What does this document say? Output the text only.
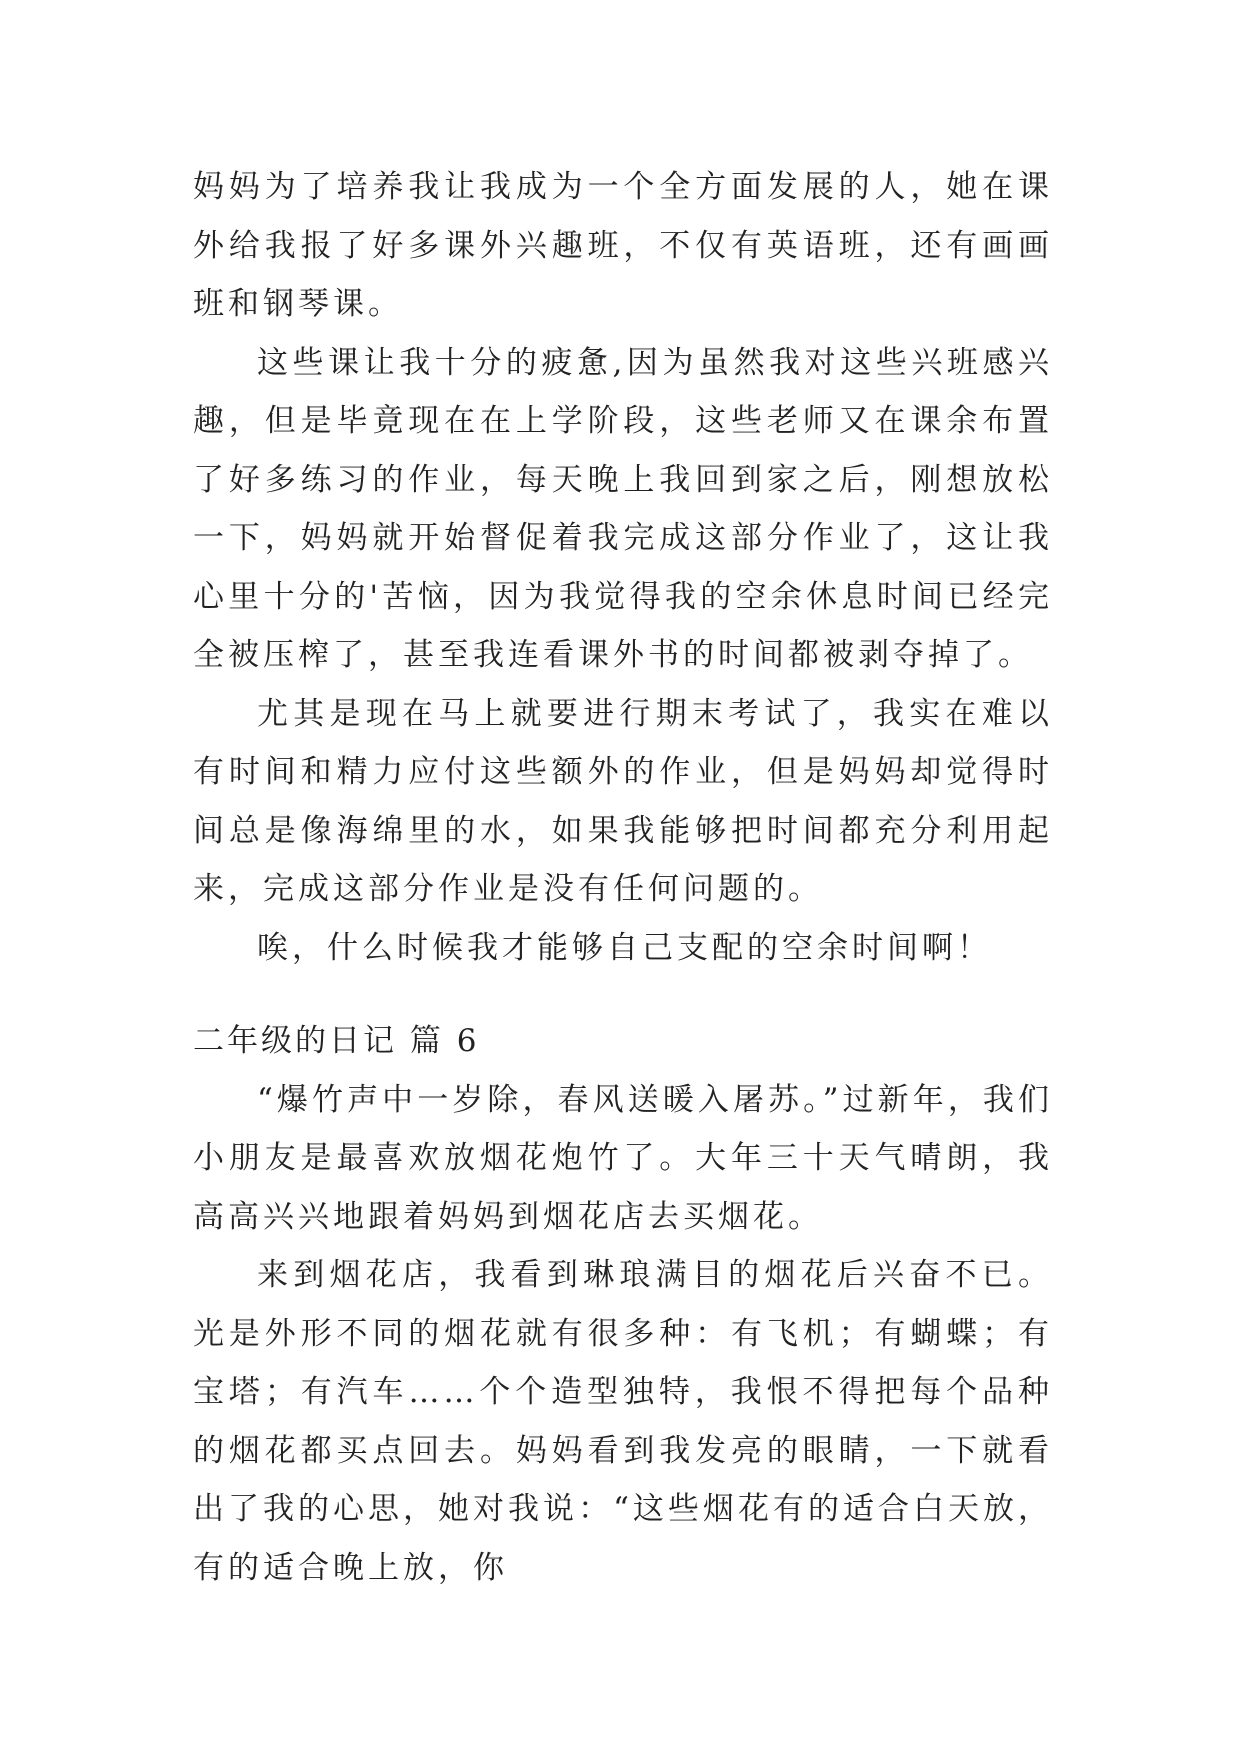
妈妈为了培养我让我成为一个全方面发展的人，她在课外给我报了好多课外兴趣班，不仅有英语班，还有画画班和钢琴课。

这些课让我十分的疲惫,因为虽然我对这些兴班感兴趣，但是毕竟现在在上学阶段，这些老师又在课余布置了好多练习的作业，每天晚上我回到家之后，刚想放松一下，妈妈就开始督促着我完成这部分作业了，这让我心里十分的'苦恼，因为我觉得我的空余休息时间已经完全被压榨了，甚至我连看课外书的时间都被剥夺掉了。

尤其是现在马上就要进行期末考试了，我实在难以有时间和精力应付这些额外的作业，但是妈妈却觉得时间总是像海绵里的水，如果我能够把时间都充分利用起来，完成这部分作业是没有任何问题的。

唉，什么时候我才能够自己支配的空余时间啊！

二年级的日记 篇 6

“爆竹声中一岁除，春风送暖入屠苏。”过新年，我们小朋友是最喜欢放烟花炮竹了。大年三十天气晴朗，我高高兴兴地跟着妈妈到烟花店去买烟花。

来到烟花店，我看到琳琅满目的烟花后兴奋不已。光是外形不同的烟花就有很多种：有飞机；有蝴蝶；有宝塔；有汽车……个个造型独特，我恨不得把每个品种的烟花都买点回去。妈妈看到我发亮的眼睛，一下就看出了我的心思，她对我说：“这些烟花有的适合白天放，有的适合晚上放，你
